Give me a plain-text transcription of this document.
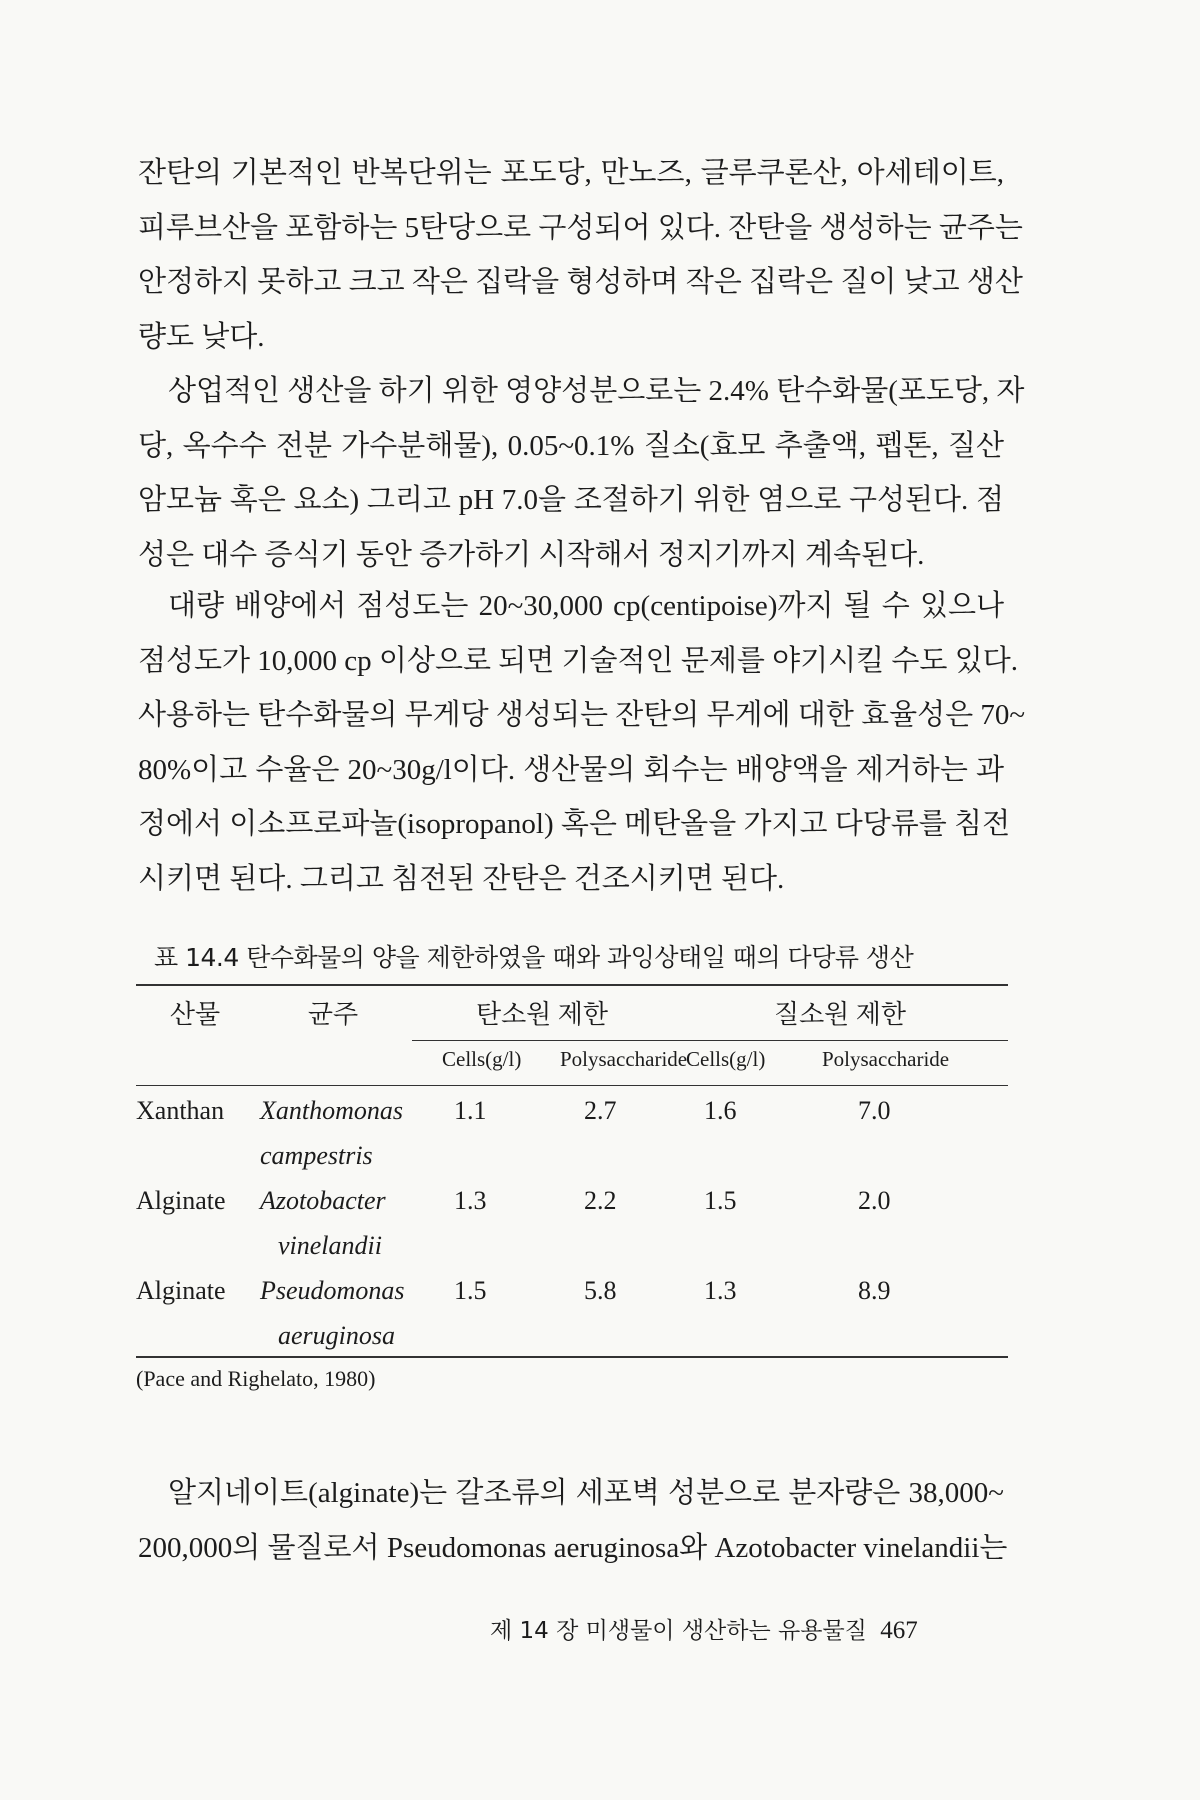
잔탄의 기본적인 반복단위는 포도당, 만노즈, 글루쿠론산, 아세테이트,
피루브산을 포함하는 5탄당으로 구성되어 있다. 잔탄을 생성하는 균주는
안정하지 못하고 크고 작은 집락을 형성하며 작은 집락은 질이 낮고 생산
량도 낮다.
상업적인 생산을 하기 위한 영양성분으로는 2.4% 탄수화물(포도당, 자
당, 옥수수 전분 가수분해물), 0.05~0.1% 질소(효모 추출액, 펩톤, 질산
암모늄 혹은 요소) 그리고 pH 7.0을 조절하기 위한 염으로 구성된다. 점
성은 대수 증식기 동안 증가하기 시작해서 정지기까지 계속된다.
대량 배양에서 점성도는 20~30,000 cp(centipoise)까지 될 수 있으나
점성도가 10,000 cp 이상으로 되면 기술적인 문제를 야기시킬 수도 있다.
사용하는 탄수화물의 무게당 생성되는 잔탄의 무게에 대한 효율성은 70~
80%이고 수율은 20~30g/l이다. 생산물의 회수는 배양액을 제거하는 과
정에서 이소프로파놀(isopropanol) 혹은 메탄올을 가지고 다당류를 침전
시키면 된다. 그리고 침전된 잔탄은 건조시키면 된다.
표 14.4 탄수화물의 양을 제한하였을 때와 과잉상태일 때의 다당류 생산
산물	균주	탄소원 제한		질소원 제한	
		Cells(g/l)	Polysaccharide	Cells(g/l)	Polysaccharide
Xanthan	Xanthomonas	1.1	2.7	1.6	7.0
	campestris				
Alginate	Azotobacter	1.3	2.2	1.5	2.0
	vinelandii				
Alginate	Pseudomonas	1.5	5.8	1.3	8.9
	aeruginosa				
(Pace and Righelato, 1980)
알지네이트(alginate)는 갈조류의 세포벽 성분으로 분자량은 38,000~
200,000의 물질로서 Pseudomonas aeruginosa와 Azotobacter vinelandii는
제 14 장 미생물이 생산하는 유용물질 467
